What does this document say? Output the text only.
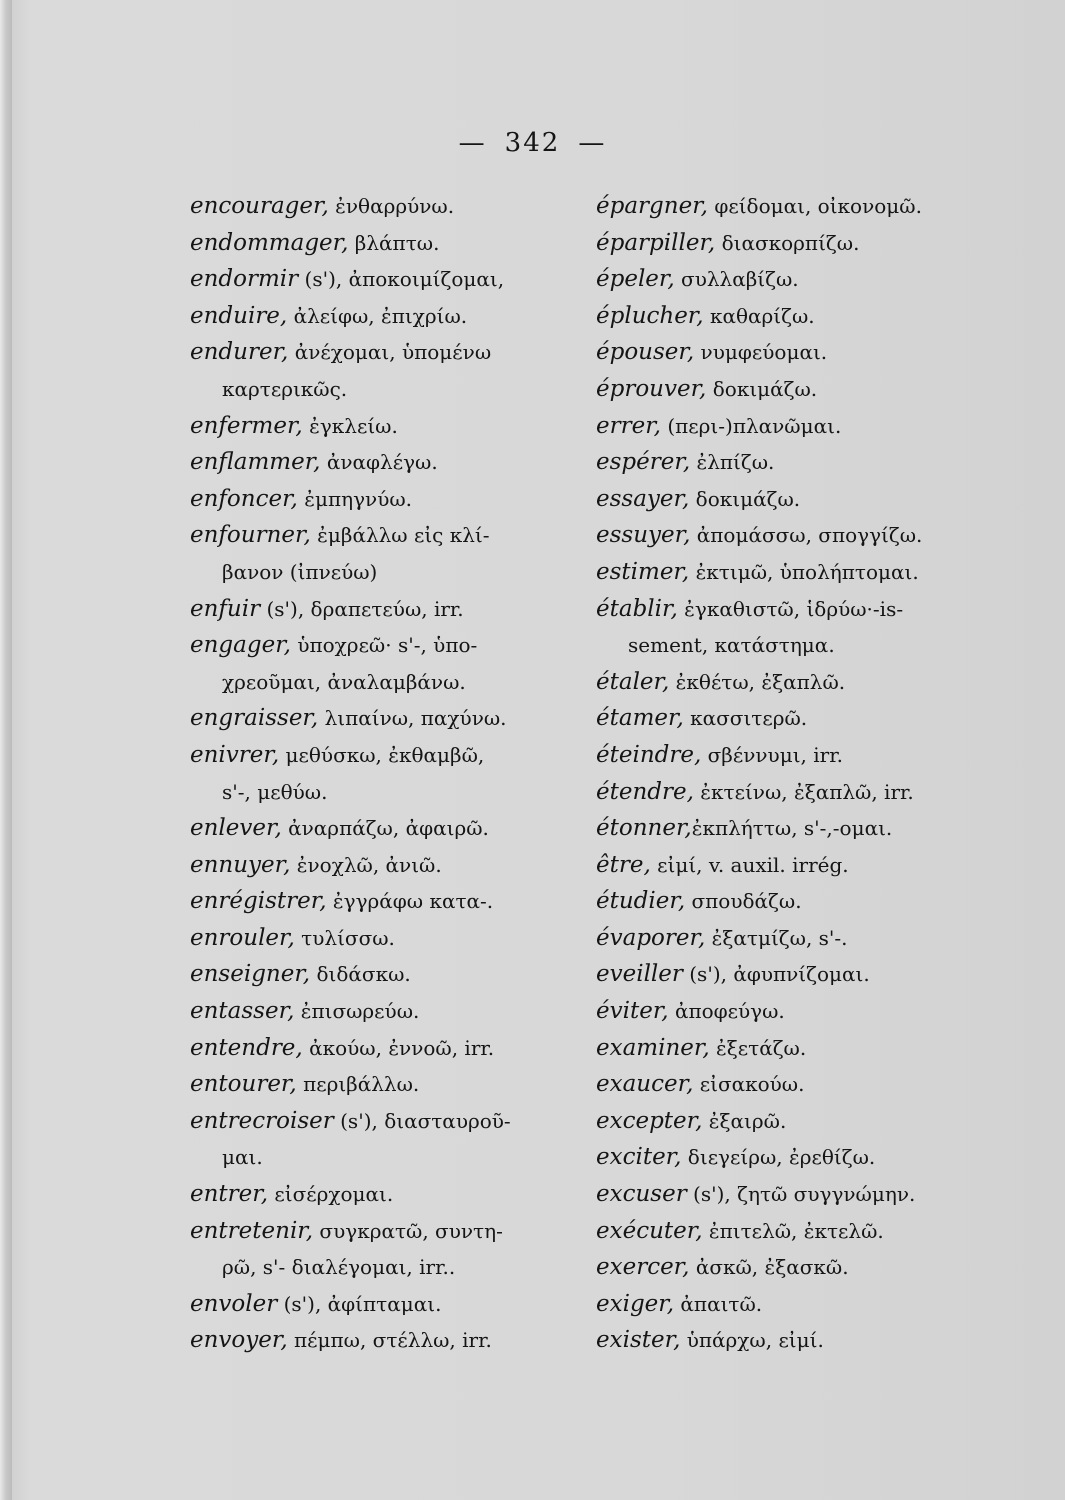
— 342 —
encourager, ἐνθαρρύνω.
endommager, βλάπτω.
endormir (s'), ἀποκοιμίζομαι,
enduire, ἀλείφω, ἐπιχρίω.
endurer, ἀνέχομαι, ὑπομένω
καρτερικῶς.
enfermer, ἐγκλείω.
enflammer, ἀναφλέγω.
enfoncer, ἐμπηγνύω.
enfourner, ἐμβάλλω εἰς κλί-
βανον (ἰπνεύω)
enfuir (s'), δραπετεύω, irr.
engager, ὑποχρεῶ· s'-, ὑπο-
χρεοῦμαι, ἀναλαμβάνω.
engraisser, λιπαίνω, παχύνω.
enivrer, μεθύσκω, ἐκθαμβῶ,
s'-, μεθύω.
enlever, ἀναρπάζω, ἀφαιρῶ.
ennuyer, ἐνοχλῶ, ἀνιῶ.
enrégistrer, ἐγγράφω κατα-.
enrouler, τυλίσσω.
enseigner, διδάσκω.
entasser, ἐπισωρεύω.
entendre, ἀκούω, ἐννοῶ, irr.
entourer, περιβάλλω.
entrecroiser (s'), διασταυροῦ-
μαι.
entrer, εἰσέρχομαι.
entretenir, συγκρατῶ, συντη-
ρῶ, s'- διαλέγομαι, irr..
envoler (s'), ἀφίπταμαι.
envoyer, πέμπω, στέλλω, irr.
épargner, φείδομαι, οἰκονομῶ.
éparpiller, διασκορπίζω.
épeler, συλλαβίζω.
éplucher, καθαρίζω.
épouser, νυμφεύομαι.
éprouver, δοκιμάζω.
errer, (περι-)πλανῶμαι.
espérer, ἐλπίζω.
essayer, δοκιμάζω.
essuyer, ἀπομάσσω, σπογγίζω.
estimer, ἐκτιμῶ, ὑπολήπτομαι.
établir, ἐγκαθιστῶ, ἱδρύω·-is-
sement, κατάστημα.
étaler, ἐκθέτω, ἐξαπλῶ.
étamer, κασσιτερῶ.
éteindre, σβέννυμι, irr.
étendre, ἐκτείνω, ἐξαπλῶ, irr.
étonner,ἐκπλήττω, s'-,-ομαι.
être, εἰμί, v. auxil. irrég.
étudier, σπουδάζω.
évaporer, ἐξατμίζω, s'-.
eveiller (s'), ἀφυπνίζομαι.
éviter, ἀποφεύγω.
examiner, ἐξετάζω.
exaucer, εἰσακούω.
excepter, ἐξαιρῶ.
exciter, διεγείρω, ἐρεθίζω.
excuser (s'), ζητῶ συγγνώμην.
exécuter, ἐπιτελῶ, ἐκτελῶ.
exercer, ἀσκῶ, ἐξασκῶ.
exiger, ἀπαιτῶ.
exister, ὑπάρχω, εἰμί.
